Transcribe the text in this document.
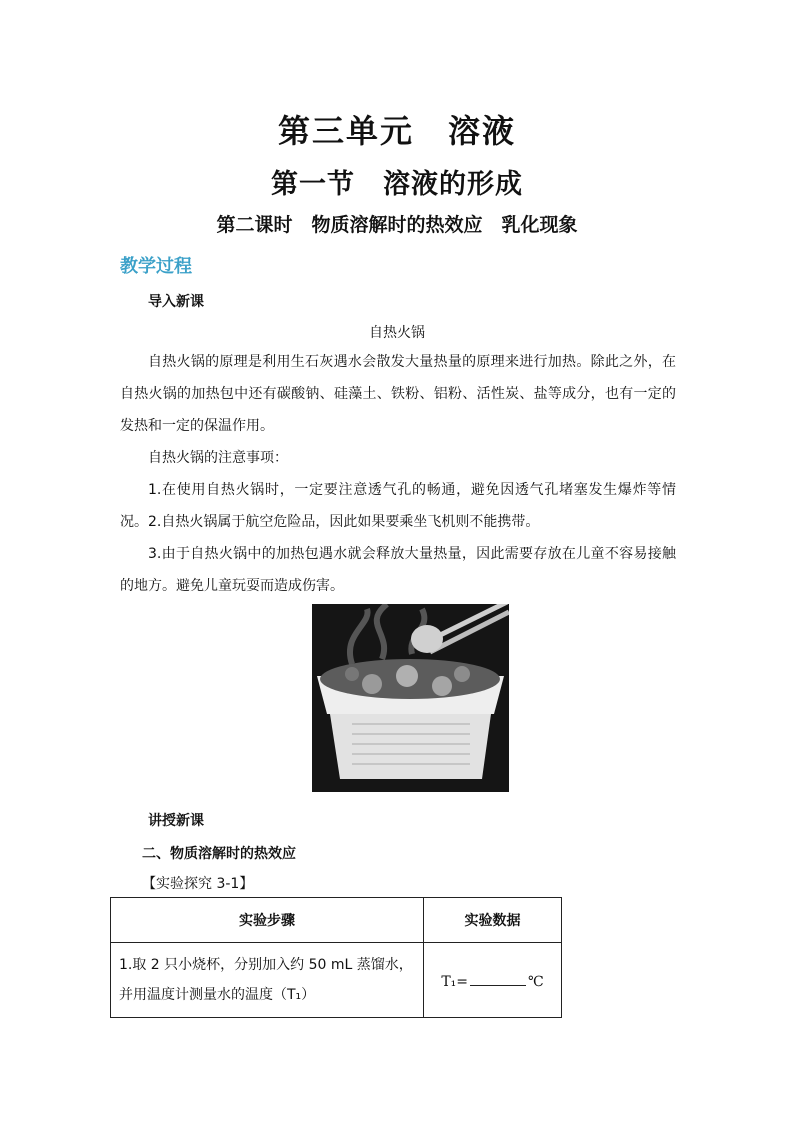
第三单元　溶液
第一节　溶液的形成
第二课时　物质溶解时的热效应　乳化现象
教学过程
导入新课
自热火锅
自热火锅的原理是利用生石灰遇水会散发大量热量的原理来进行加热。除此之外，在自热火锅的加热包中还有碳酸钠、硅藻土、铁粉、铝粉、活性炭、盐等成分，也有一定的发热和一定的保温作用。
自热火锅的注意事项：
1.在使用自热火锅时，一定要注意透气孔的畅通，避免因透气孔堵塞发生爆炸等情况。 2.自热火锅属于航空危险品，因此如果要乘坐飞机则不能携带。
3.由于自热火锅中的加热包遇水就会释放大量热量，因此需要存放在儿童不容易接触的地方。避免儿童玩耍而造成伤害。
讲授新课
二、物质溶解时的热效应
【实验探究 3-1】
实验步骤	实验数据
1.取 2 只小烧杯，分别加入约 50 mL 蒸馏水，并用温度计测量水的温度（T₁）	T₁= ℃
